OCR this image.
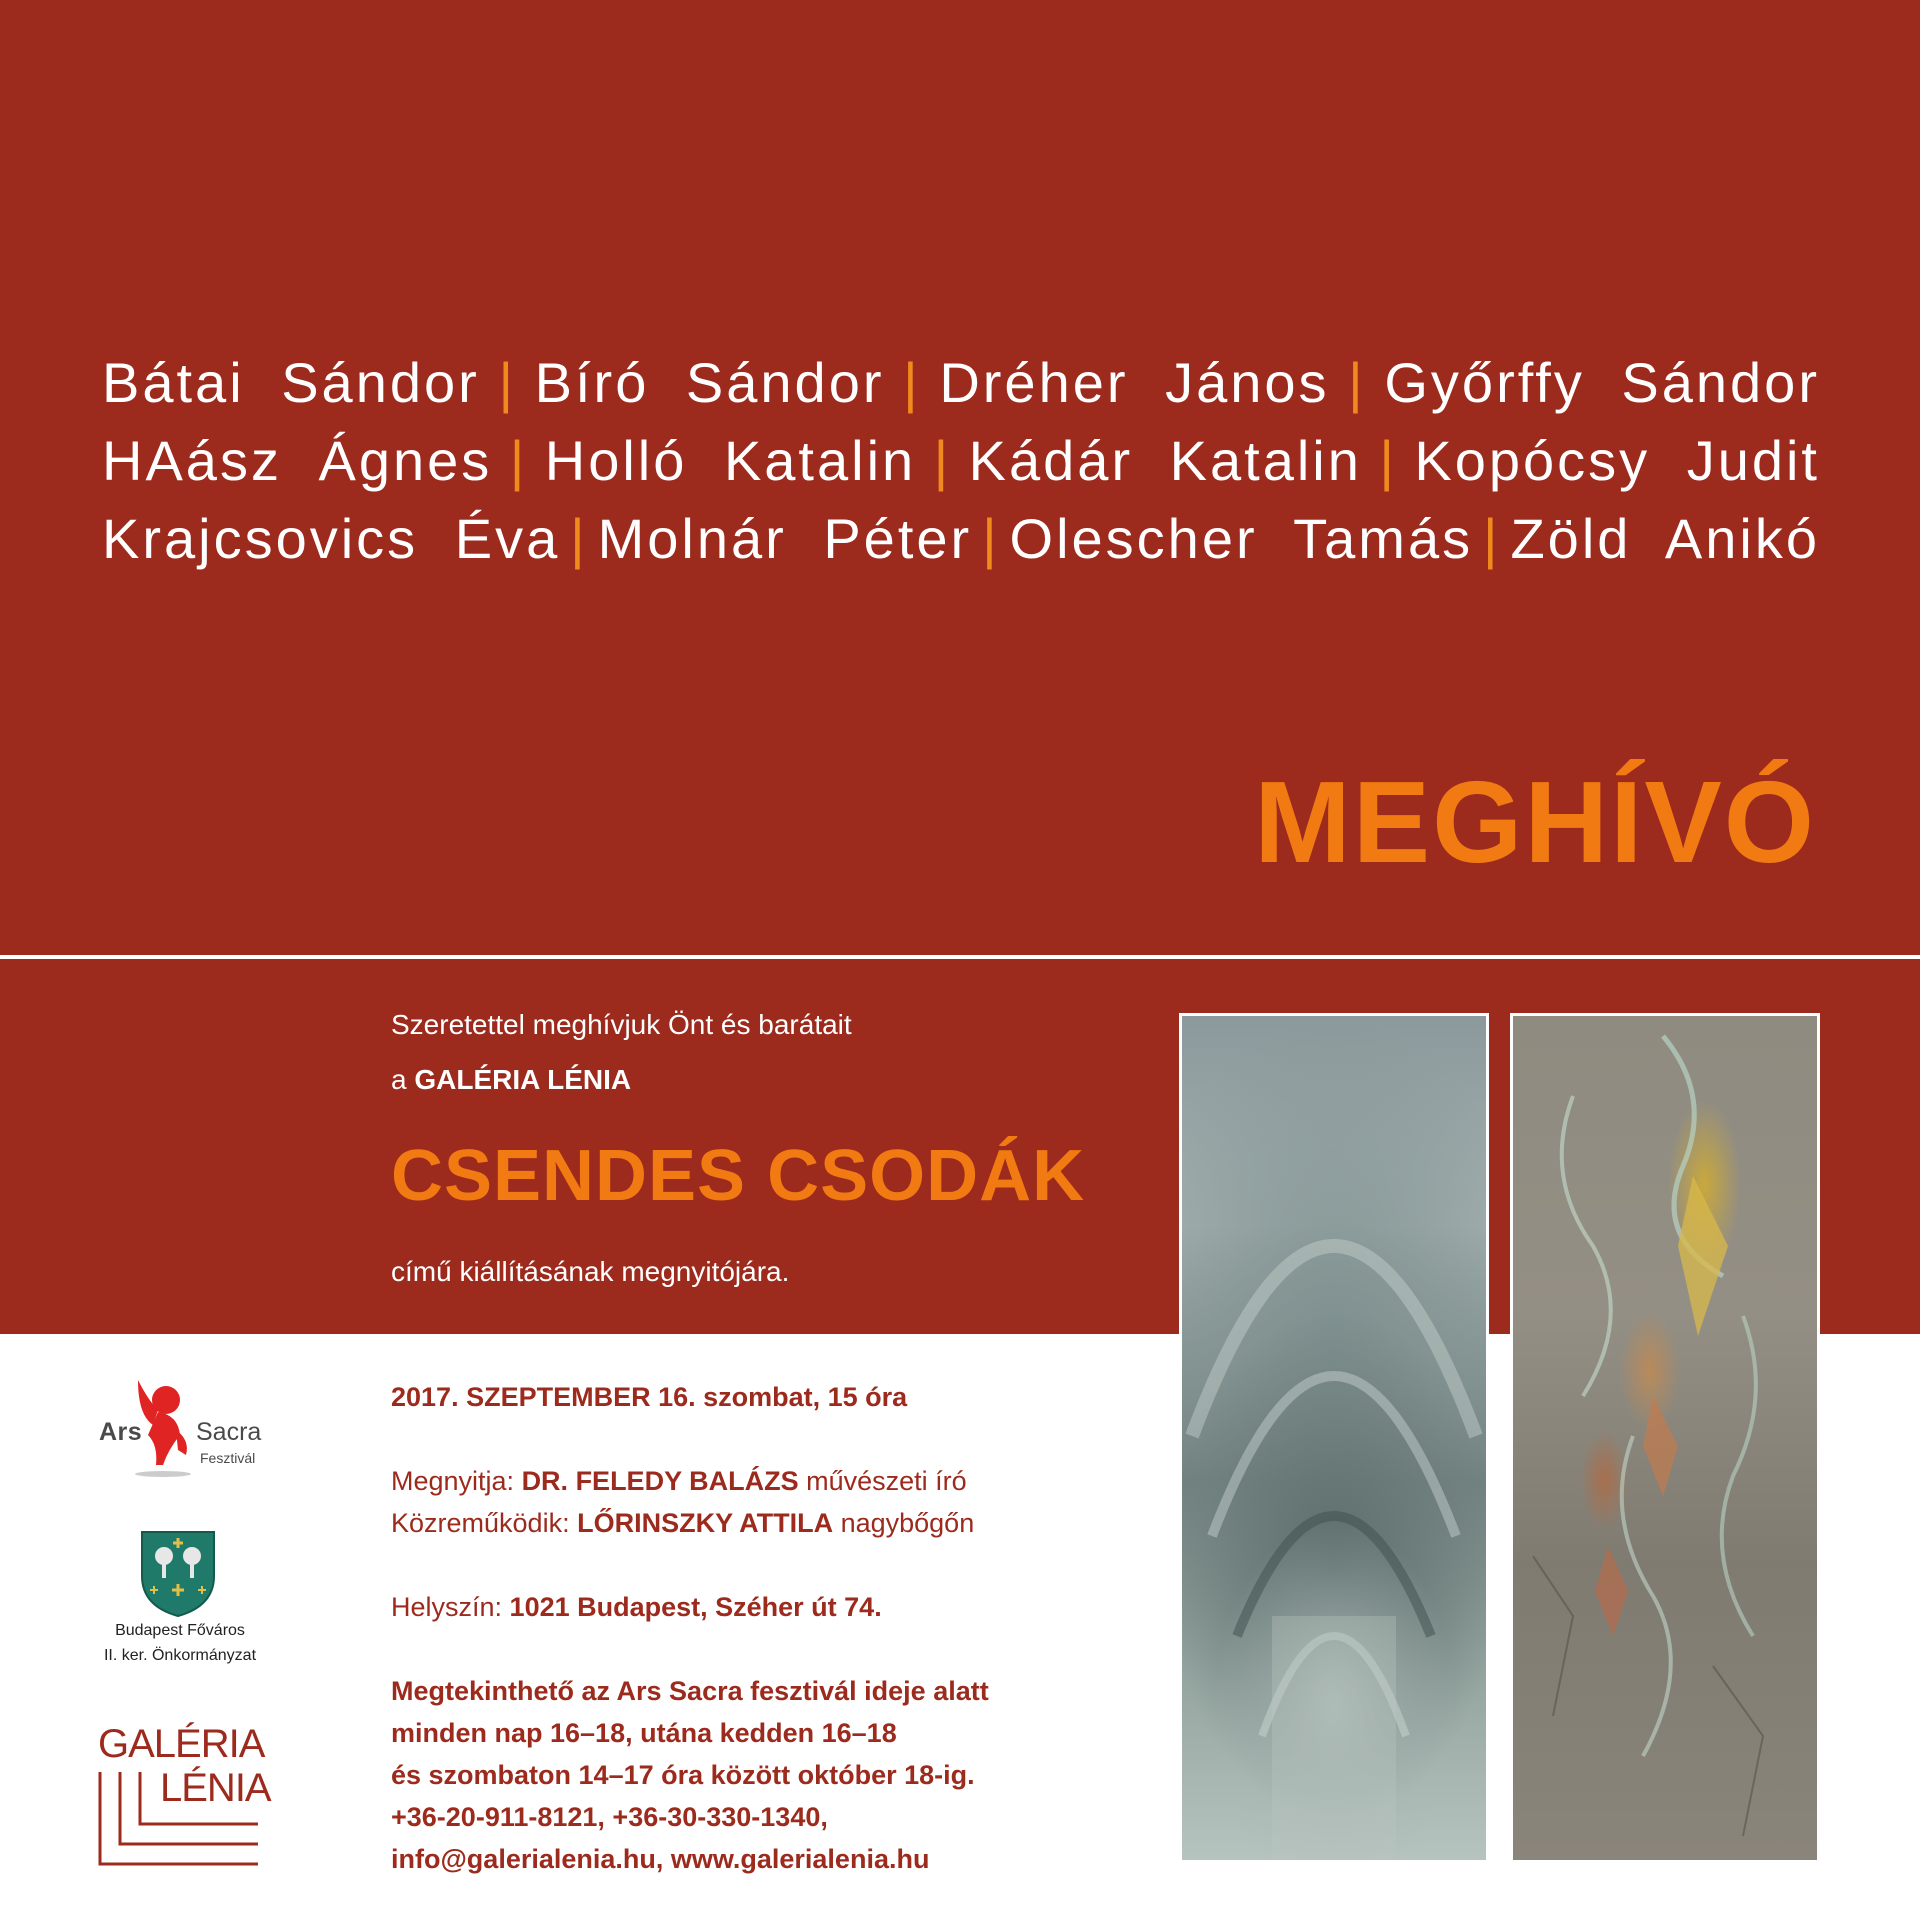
Bátai Sándor | Bíró Sándor | Dréher János | Győrffy Sándor
HAász Ágnes | Holló Katalin | Kádár Katalin | Kopócsy Judit
Krajcsovics Éva | Molnár Péter | Olescher Tamás | Zöld Anikó
MEGHÍVÓ
Szeretettel meghívjuk Önt és barátait
a GALÉRIA LÉNIA
CSENDES CSODÁK
című kiállításának megnyitójára.
2017. SZEPTEMBER 16. szombat, 15 óra
Megnyitja: DR. FELEDY BALÁZS művészeti író
Közreműködik: LŐRINSZKY ATTILA nagybőgőn
Helyszín: 1021 Budapest, Széher út 74.
Megtekinthető az Ars Sacra fesztivál ideje alatt
minden nap 16–18, utána kedden 16–18
és szombaton 14–17 óra között október 18-ig.
+36-20-911-8121, +36-30-330-1340,
info@galerialenia.hu, www.galerialenia.hu
Ars Sacra
Fesztivál
Budapest Főváros
II. ker. Önkormányzat
GALÉRIA
LÉNIA
